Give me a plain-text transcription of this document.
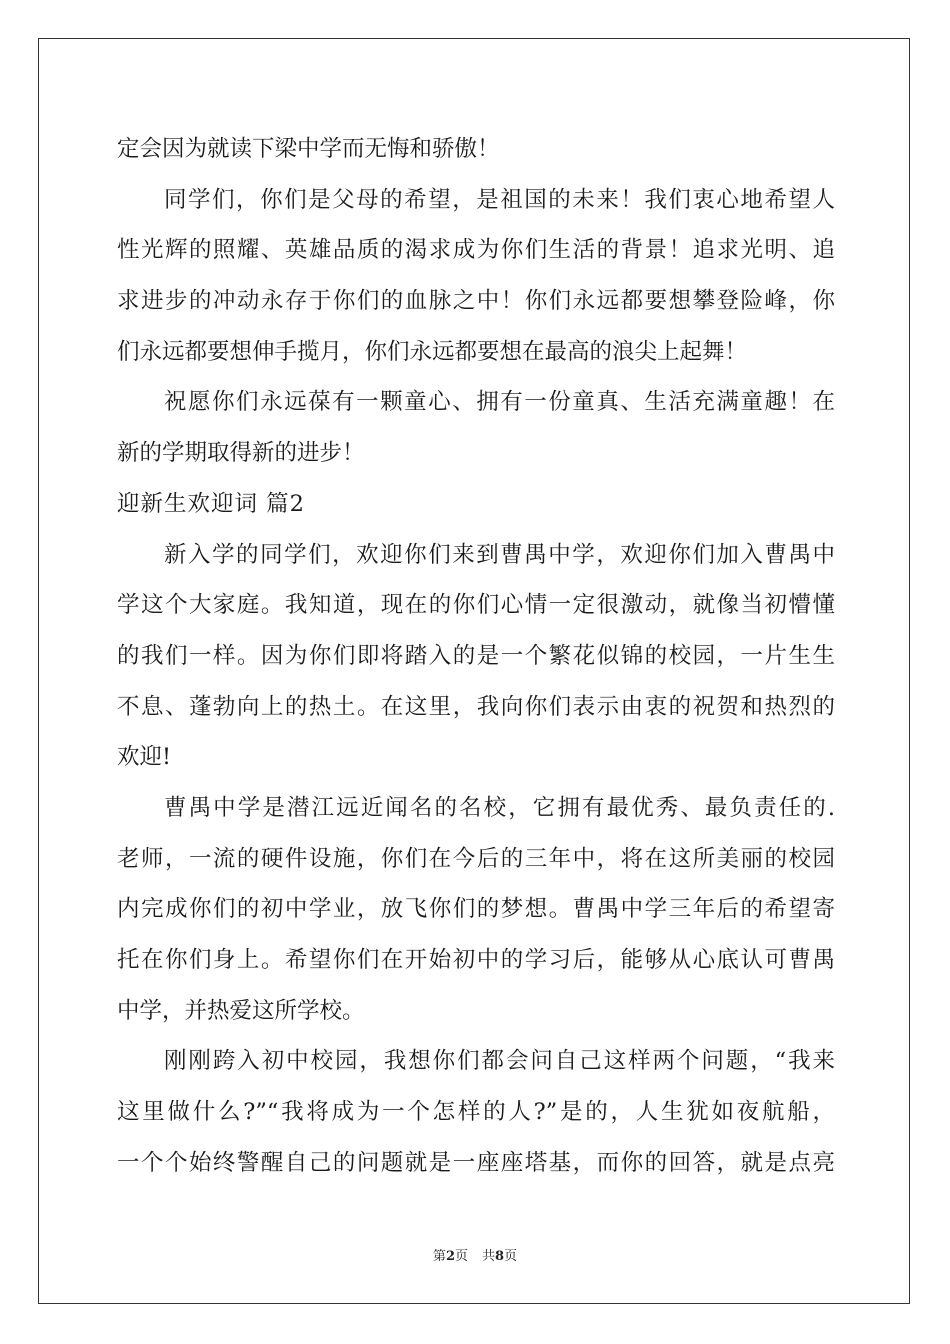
定会因为就读下梁中学而无悔和骄傲！
同学们，你们是父母的希望，是祖国的未来！我们衷心地希望人
性光辉的照耀、英雄品质的渴求成为你们生活的背景！追求光明、追
求进步的冲动永存于你们的血脉之中！你们永远都要想攀登险峰，你
们永远都要想伸手揽月，你们永远都要想在最高的浪尖上起舞！
祝愿你们永远葆有一颗童心、拥有一份童真、生活充满童趣！在
新的学期取得新的进步！
迎新生欢迎词 篇2
新入学的同学们，欢迎你们来到曹禺中学，欢迎你们加入曹禺中
学这个大家庭。我知道，现在的你们心情一定很激动，就像当初懵懂
的我们一样。因为你们即将踏入的是一个繁花似锦的校园，一片生生
不息、蓬勃向上的热土。在这里，我向你们表示由衷的祝贺和热烈的
欢迎!
曹禺中学是潜江远近闻名的名校，它拥有最优秀、最负责任的.
老师，一流的硬件设施，你们在今后的三年中，将在这所美丽的校园
内完成你们的初中学业，放飞你们的梦想。曹禺中学三年后的希望寄
托在你们身上。希望你们在开始初中的学习后，能够从心底认可曹禺
中学，并热爱这所学校。
刚刚跨入初中校园，我想你们都会问自己这样两个问题，“我来
这里做什么?”“我将成为一个怎样的人?”是的，人生犹如夜航船，
一个个始终警醒自己的问题就是一座座塔基，而你的回答，就是点亮
第2页 共8页
